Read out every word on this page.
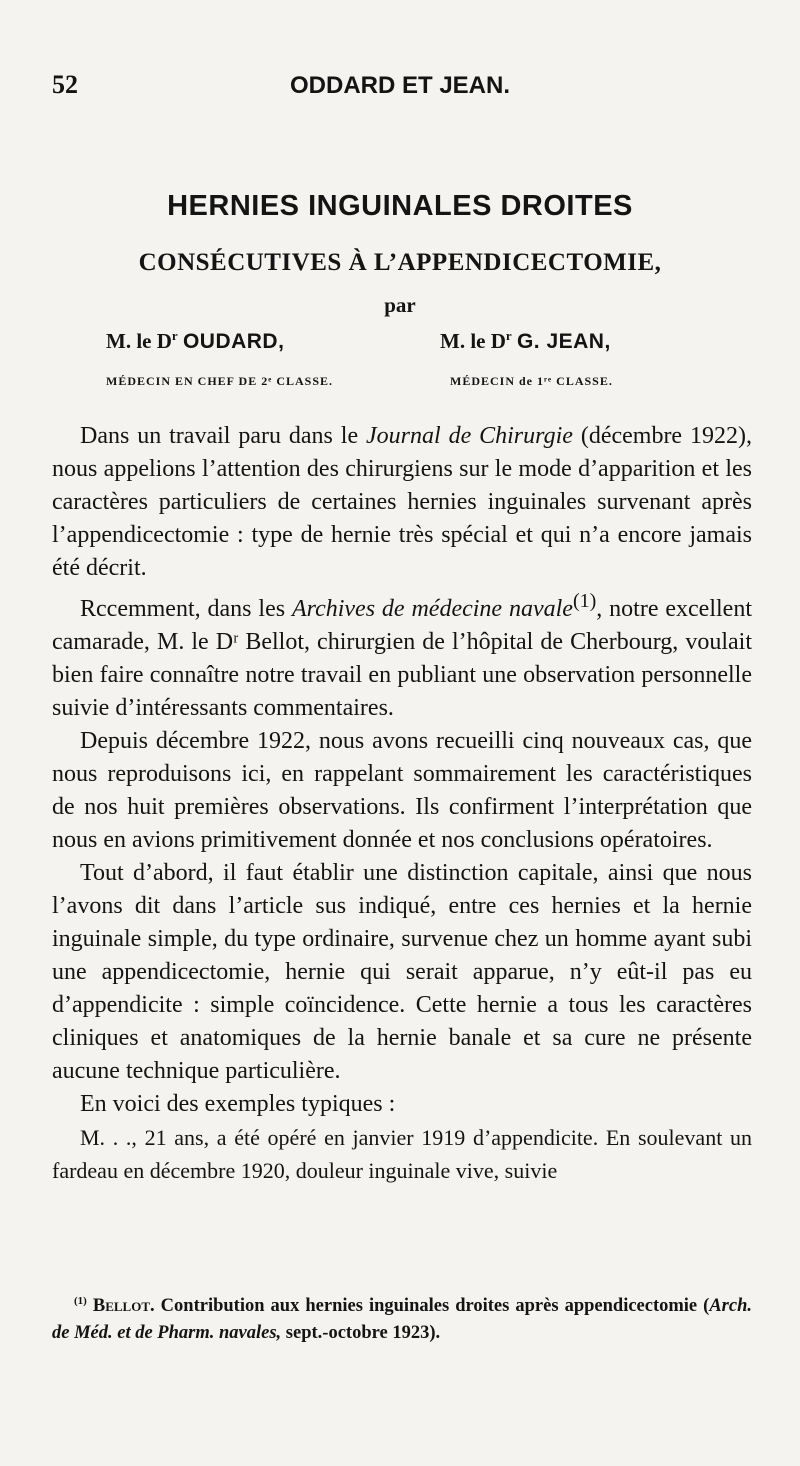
52	ODDARD ET JEAN.
HERNIES INGUINALES DROITES
CONSÉCUTIVES À L’APPENDICECTOMIE,
par
M. le $D^r$ OUDARD,	M. le $D^r$ G. JEAN,
MÉDECIN EN CHEF DE 2ᵉ CLASSE.	MÉDECIN de 1ʳᵉ CLASSE.

Dans un travail paru dans le Journal de Chirurgie (décembre 1922), nous appelions l’attention des chirurgiens sur le mode d’apparition et les caractères particuliers de certaines hernies inguinales survenant après l’appendicectomie : type de hernie très spécial et qui n’a encore jamais été décrit.

Rccemment, dans les Archives de médecine navale$^{(1)}$, notre excellent camarade, M. le Dʳ Bellot, chirurgien de l’hôpital de Cherbourg, voulait bien faire connaître notre travail en publiant une observation personnelle suivie d’intéressants commentaires.

Depuis décembre 1922, nous avons recueilli cinq nouveaux cas, que nous reproduisons ici, en rappelant sommairement les caractéristiques de nos huit premières observations. Ils confirment l’interprétation que nous en avions primitivement donnée et nos conclusions opératoires.

Tout d’abord, il faut établir une distinction capitale, ainsi que nous l’avons dit dans l’article sus indiqué, entre ces hernies et la hernie inguinale simple, du type ordinaire, survenue chez un homme ayant subi une appendicectomie, hernie qui serait apparue, n’y eût-il pas eu d’appendicite : simple coïncidence. Cette hernie a tous les caractères cliniques et anatomiques de la hernie banale et sa cure ne présente aucune technique particulière.

En voici des exemples typiques :

M. . ., 21 ans, a été opéré en janvier 1919 d’appendicite. En soulevant un fardeau en décembre 1920, douleur inguinale vive, suivie

$^{(1)}$ Bellot. Contribution aux hernies inguinales droites après appendicectomie (Arch. de Méd. et de Pharm. navales, sept.-octobre 1923).
